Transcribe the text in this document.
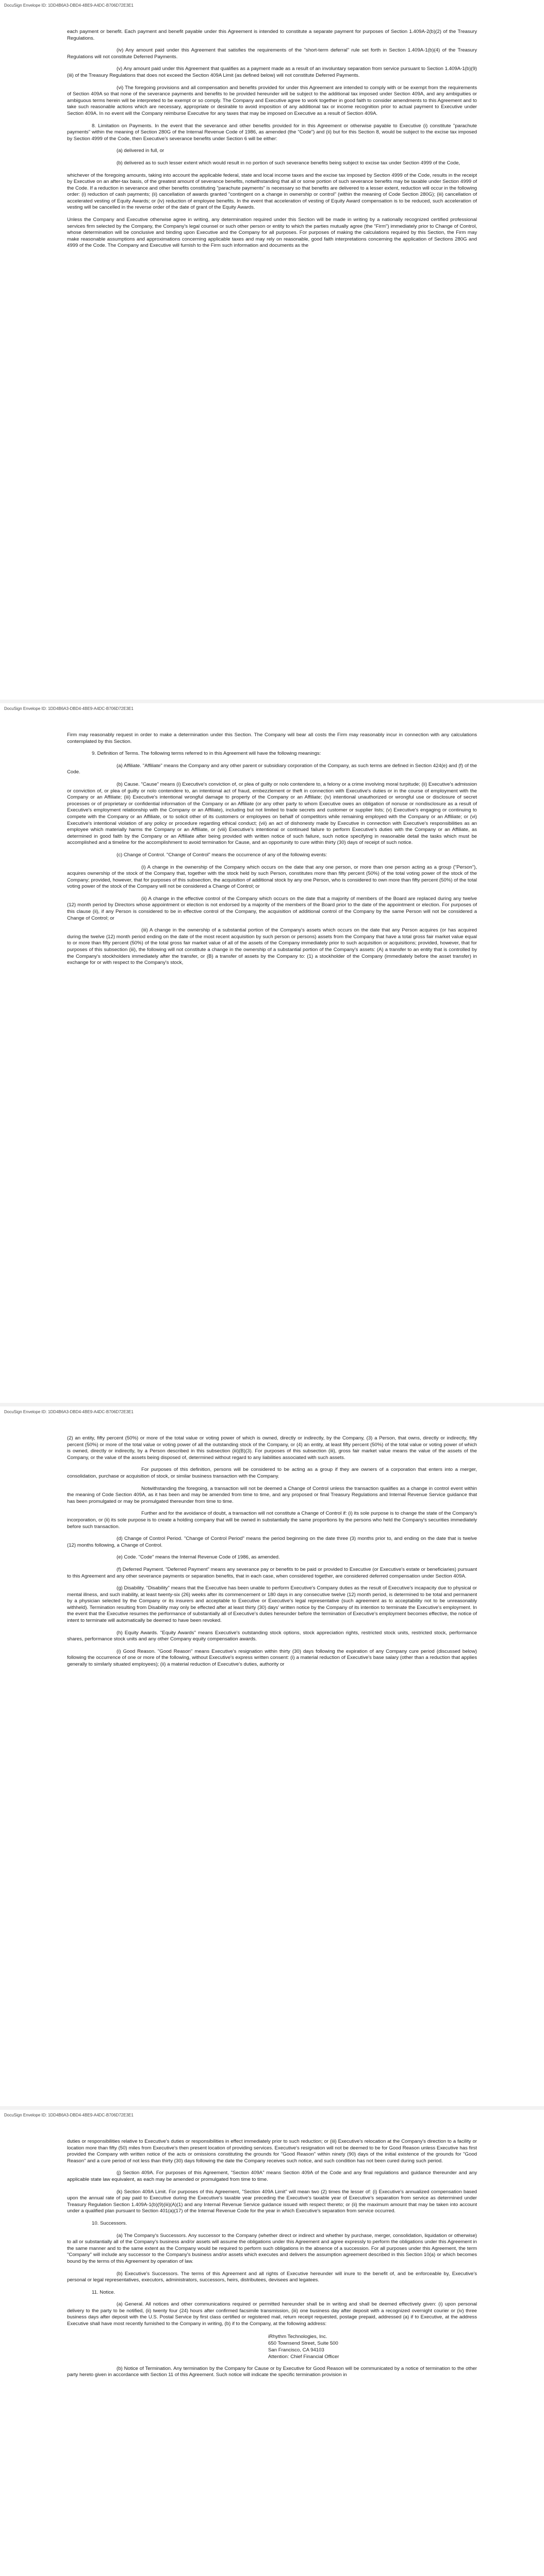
DocuSign Envelope ID: 1DD4B6A3-DBD4-4BE9-A4DC-B706D72E3E1

each payment or benefit. Each payment and benefit payable under this Agreement is intended to constitute a separate payment for purposes of Section 1.409A-2(b)(2) of the Treasury Regulations.

(iv) Any amount paid under this Agreement that satisfies the requirements of the "short-term deferral" rule set forth in Section 1.409A-1(b)(4) of the Treasury Regulations will not constitute Deferred Payments.

(v) Any amount paid under this Agreement that qualifies as a payment made as a result of an involuntary separation from service pursuant to Section 1.409A-1(b)(9)(iii) of the Treasury Regulations that does not exceed the Section 409A Limit (as defined below) will not constitute Deferred Payments.

(vi) The foregoing provisions and all compensation and benefits provided for under this Agreement are intended to comply with or be exempt from the requirements of Section 409A so that none of the severance payments and benefits to be provided hereunder will be subject to the additional tax imposed under Section 409A, and any ambiguities or ambiguous terms herein will be interpreted to be exempt or so comply. The Company and Executive agree to work together in good faith to consider amendments to this Agreement and to take such reasonable actions which are necessary, appropriate or desirable to avoid imposition of any additional tax or income recognition prior to actual payment to Executive under Section 409A. In no event will the Company reimburse Executive for any taxes that may be imposed on Executive as a result of Section 409A.

8. Limitation on Payments. In the event that the severance and other benefits provided for in this Agreement or otherwise payable to Executive (i) constitute "parachute payments" within the meaning of Section 280G of the Internal Revenue Code of 1986, as amended (the "Code") and (ii) but for this Section 8, would be subject to the excise tax imposed by Section 4999 of the Code, then Executive's severance benefits under Section 6 will be either:

(a) delivered in full, or

(b) delivered as to such lesser extent which would result in no portion of such severance benefits being subject to excise tax under Section 4999 of the Code,

whichever of the foregoing amounts, taking into account the applicable federal, state and local income taxes and the excise tax imposed by Section 4999 of the Code, results in the receipt by Executive on an after-tax basis, of the greatest amount of severance benefits, notwithstanding that all or some portion of such severance benefits may be taxable under Section 4999 of the Code. If a reduction in severance and other benefits constituting "parachute payments" is necessary so that benefits are delivered to a lesser extent, reduction will occur in the following order: (i) reduction of cash payments; (ii) cancellation of awards granted "contingent on a change in ownership or control" (within the meaning of Code Section 280G); (iii) cancellation of accelerated vesting of Equity Awards; or (iv) reduction of employee benefits. In the event that acceleration of vesting of Equity Award compensation is to be reduced, such acceleration of vesting will be cancelled in the reverse order of the date of grant of the Equity Awards.

Unless the Company and Executive otherwise agree in writing, any determination required under this Section will be made in writing by a nationally recognized certified professional services firm selected by the Company, the Company's legal counsel or such other person or entity to which the parties mutually agree (the "Firm") immediately prior to Change of Control, whose determination will be conclusive and binding upon Executive and the Company for all purposes. For purposes of making the calculations required by this Section, the Firm may make reasonable assumptions and approximations concerning applicable taxes and may rely on reasonable, good faith interpretations concerning the application of Sections 280G and 4999 of the Code. The Company and Executive will furnish to the Firm such information and documents as the

DocuSign Envelope ID: 1DD4B6A3-DBD4-4BE9-A4DC-B706D72E3E1

Firm may reasonably request in order to make a determination under this Section. The Company will bear all costs the Firm may reasonably incur in connection with any calculations contemplated by this Section.

9. Definition of Terms. The following terms referred to in this Agreement will have the following meanings:

(a) Affiliate. "Affiliate" means the Company and any other parent or subsidiary corporation of the Company, as such terms are defined in Section 424(e) and (f) of the Code.

(b) Cause. "Cause" means (i) Executive's conviction of, or plea of guilty or nolo contendere to, a felony or a crime involving moral turpitude; (ii) Executive's admission or conviction of, or plea of guilty or nolo contendere to, an intentional act of fraud, embezzlement or theft in connection with Executive's duties or in the course of employment with the Company or an Affiliate; (iii) Executive's intentional wrongful damage to property of the Company or an Affiliate; (iv) intentional unauthorized or wrongful use or disclosure of secret processes or of proprietary or confidential information of the Company or an Affiliate (or any other party to whom Executive owes an obligation of nonuse or nondisclosure as a result of Executive's employment relationship with the Company or an Affiliate), including but not limited to trade secrets and customer or supplier lists; (v) Executive's engaging or continuing to compete with the Company or an Affiliate, or to solicit other of its customers or employees on behalf of competitors while remaining employed with the Company or an Affiliate; or (vi) Executive's intentional violation of any policy or procedure regarding ethical conduct; (vii) an act of dishonesty made by Executive in connection with Executive's responsibilities as an employee which materially harms the Company or an Affiliate, or (viii) Executive's intentional or continued failure to perform Executive's duties with the Company or an Affiliate, as determined in good faith by the Company or an Affiliate after being provided with written notice of such failure, such notice specifying in reasonable detail the tasks which must be accomplished and a timeline for the accomplishment to avoid termination for Cause, and an opportunity to cure within thirty (30) days of receipt of such notice.

(c) Change of Control. "Change of Control" means the occurrence of any of the following events:

(i) A change in the ownership of the Company which occurs on the date that any one person, or more than one person acting as a group ("Person"), acquires ownership of the stock of the Company that, together with the stock held by such Person, constitutes more than fifty percent (50%) of the total voting power of the stock of the Company; provided, however, that for purposes of this subsection, the acquisition of additional stock by any one Person, who is considered to own more than fifty percent (50%) of the total voting power of the stock of the Company will not be considered a Change of Control; or

(ii) A change in the effective control of the Company which occurs on the date that a majority of members of the Board are replaced during any twelve (12) month period by Directors whose appointment or election is not endorsed by a majority of the members of the Board prior to the date of the appointment or election. For purposes of this clause (ii), if any Person is considered to be in effective control of the Company, the acquisition of additional control of the Company by the same Person will not be considered a Change of Control; or

(iii) A change in the ownership of a substantial portion of the Company's assets which occurs on the date that any Person acquires (or has acquired during the twelve (12) month period ending on the date of the most recent acquisition by such person or persons) assets from the Company that have a total gross fair market value equal to or more than fifty percent (50%) of the total gross fair market value of all of the assets of the Company immediately prior to such acquisition or acquisitions; provided, however, that for purposes of this subsection (iii), the following will not constitute a change in the ownership of a substantial portion of the Company's assets: (A) a transfer to an entity that is controlled by the Company's stockholders immediately after the transfer, or (B) a transfer of assets by the Company to: (1) a stockholder of the Company (immediately before the asset transfer) in exchange for or with respect to the Company's stock,

DocuSign Envelope ID: 1DD4B6A3-DBD4-4BE9-A4DC-B706D72E3E1

(2) an entity, fifty percent (50%) or more of the total value or voting power of which is owned, directly or indirectly, by the Company, (3) a Person, that owns, directly or indirectly, fifty percent (50%) or more of the total value or voting power of all the outstanding stock of the Company, or (4) an entity, at least fifty percent (50%) of the total value or voting power of which is owned, directly or indirectly, by a Person described in this subsection (iii)(B)(3). For purposes of this subsection (iii), gross fair market value means the value of the assets of the Company, or the value of the assets being disposed of, determined without regard to any liabilities associated with such assets.

For purposes of this definition, persons will be considered to be acting as a group if they are owners of a corporation that enters into a merger, consolidation, purchase or acquisition of stock, or similar business transaction with the Company.

Notwithstanding the foregoing, a transaction will not be deemed a Change of Control unless the transaction qualifies as a change in control event within the meaning of Code Section 409A, as it has been and may be amended from time to time, and any proposed or final Treasury Regulations and Internal Revenue Service guidance that has been promulgated or may be promulgated thereunder from time to time.

Further and for the avoidance of doubt, a transaction will not constitute a Change of Control if: (i) its sole purpose is to change the state of the Company's incorporation, or (ii) its sole purpose is to create a holding company that will be owned in substantially the same proportions by the persons who held the Company's securities immediately before such transaction.

(d) Change of Control Period. "Change of Control Period" means the period beginning on the date three (3) months prior to, and ending on the date that is twelve (12) months following, a Change of Control.

(e) Code. "Code" means the Internal Revenue Code of 1986, as amended.

(f) Deferred Payment. "Deferred Payment" means any severance pay or benefits to be paid or provided to Executive (or Executive's estate or beneficiaries) pursuant to this Agreement and any other severance payments or separation benefits, that in each case, when considered together, are considered deferred compensation under Section 409A.

(g) Disability. "Disability" means that the Executive has been unable to perform Executive's Company duties as the result of Executive's incapacity due to physical or mental illness, and such inability, at least twenty-six (26) weeks after its commencement or 180 days in any consecutive twelve (12) month period, is determined to be total and permanent by a physician selected by the Company or its insurers and acceptable to Executive or Executive's legal representative (such agreement as to acceptability not to be unreasonably withheld). Termination resulting from Disability may only be effected after at least thirty (30) days' written notice by the Company of its intention to terminate the Executive's employment. In the event that the Executive resumes the performance of substantially all of Executive's duties hereunder before the termination of Executive's employment becomes effective, the notice of intent to terminate will automatically be deemed to have been revoked.

(h) Equity Awards. "Equity Awards" means Executive's outstanding stock options, stock appreciation rights, restricted stock units, restricted stock, performance shares, performance stock units and any other Company equity compensation awards.

(i) Good Reason. "Good Reason" means Executive's resignation within thirty (30) days following the expiration of any Company cure period (discussed below) following the occurrence of one or more of the following, without Executive's express written consent: (i) a material reduction of Executive's base salary (other than a reduction that applies generally to similarly situated employees); (ii) a material reduction of Executive's duties, authority or

DocuSign Envelope ID: 1DD4B6A3-DBD4-4BE9-A4DC-B706D72E3E1

duties or responsibilities relative to Executive's duties or responsibilities in effect immediately prior to such reduction; or (iii) Executive's relocation at the Company's direction to a facility or location more than fifty (50) miles from Executive's then present location of providing services. Executive's resignation will not be deemed to be for Good Reason unless Executive has first provided the Company with written notice of the acts or omissions constituting the grounds for "Good Reason" within ninety (90) days of the initial existence of the grounds for "Good Reason" and a cure period of not less than thirty (30) days following the date the Company receives such notice, and such condition has not been cured during such period.

(j) Section 409A. For purposes of this Agreement, "Section 409A" means Section 409A of the Code and any final regulations and guidance thereunder and any applicable state law equivalent, as each may be amended or promulgated from time to time.

(k) Section 409A Limit. For purposes of this Agreement, "Section 409A Limit" will mean two (2) times the lesser of: (i) Executive's annualized compensation based upon the annual rate of pay paid to Executive during the Executive's taxable year preceding the Executive's taxable year of Executive's separation from service as determined under Treasury Regulation Section 1.409A-1(b)(9)(iii)(A)(1) and any Internal Revenue Service guidance issued with respect thereto; or (ii) the maximum amount that may be taken into account under a qualified plan pursuant to Section 401(a)(17) of the Internal Revenue Code for the year in which Executive's separation from service occurred.

10. Successors.

(a) The Company's Successors. Any successor to the Company (whether direct or indirect and whether by purchase, merger, consolidation, liquidation or otherwise) to all or substantially all of the Company's business and/or assets will assume the obligations under this Agreement and agree expressly to perform the obligations under this Agreement in the same manner and to the same extent as the Company would be required to perform such obligations in the absence of a succession. For all purposes under this Agreement, the term "Company" will include any successor to the Company's business and/or assets which executes and delivers the assumption agreement described in this Section 10(a) or which becomes bound by the terms of this Agreement by operation of law.

(b) Executive's Successors. The terms of this Agreement and all rights of Executive hereunder will inure to the benefit of, and be enforceable by, Executive's personal or legal representatives, executors, administrators, successors, heirs, distributees, devisees and legatees.

11. Notice.

(a) General. All notices and other communications required or permitted hereunder shall be in writing and shall be deemed effectively given: (i) upon personal delivery to the party to be notified, (ii) twenty four (24) hours after confirmed facsimile transmission, (iii) one business day after deposit with a recognized overnight courier or (iv) three business days after deposit with the U.S. Postal Service by first class certified or registered mail, return receipt requested, postage prepaid, addressed (a) if to Executive, at the address Executive shall have most recently furnished to the Company in writing, (b) if to the Company, at the following address:

iRhythm Technologies, Inc.
650 Townsend Street, Suite 500
San Francisco, CA 94103
Attention: Chief Financial Officer

(b) Notice of Termination. Any termination by the Company for Cause or by Executive for Good Reason will be communicated by a notice of termination to the other party hereto given in accordance with Section 11 of this Agreement. Such notice will indicate the specific termination provision in
